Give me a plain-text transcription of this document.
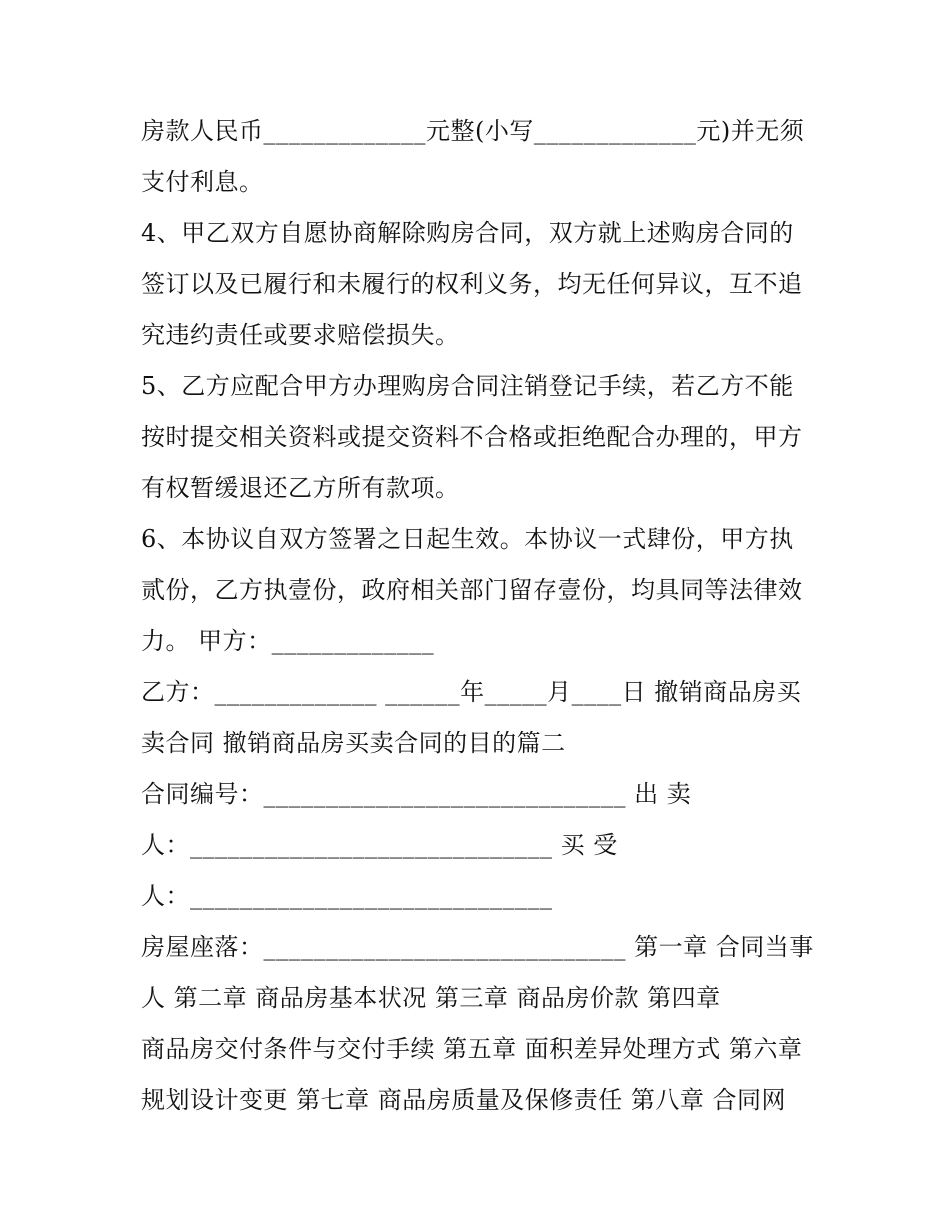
房款人民币_____________元整(小写_____________元)并无须
支付利息。
4、甲乙双方自愿协商解除购房合同，双方就上述购房合同的
签订以及已履行和未履行的权利义务，均无任何异议，互不追
究违约责任或要求赔偿损失。
5、乙方应配合甲方办理购房合同注销登记手续，若乙方不能
按时提交相关资料或提交资料不合格或拒绝配合办理的，甲方
有权暂缓退还乙方所有款项。
6、本协议自双方签署之日起生效。本协议一式肆份，甲方执
贰份，乙方执壹份，政府相关部门留存壹份，均具同等法律效
力。 甲方：_____________
乙方：_____________ ______年_____月____日 撤销商品房买
卖合同 撤销商品房买卖合同的目的篇二
合同编号：_____________________________ 出 卖
人：_____________________________ 买 受
人：_____________________________
房屋座落：_____________________________ 第一章 合同当事
人 第二章 商品房基本状况 第三章 商品房价款 第四章
商品房交付条件与交付手续 第五章 面积差异处理方式 第六章
规划设计变更 第七章 商品房质量及保修责任 第八章 合同网
